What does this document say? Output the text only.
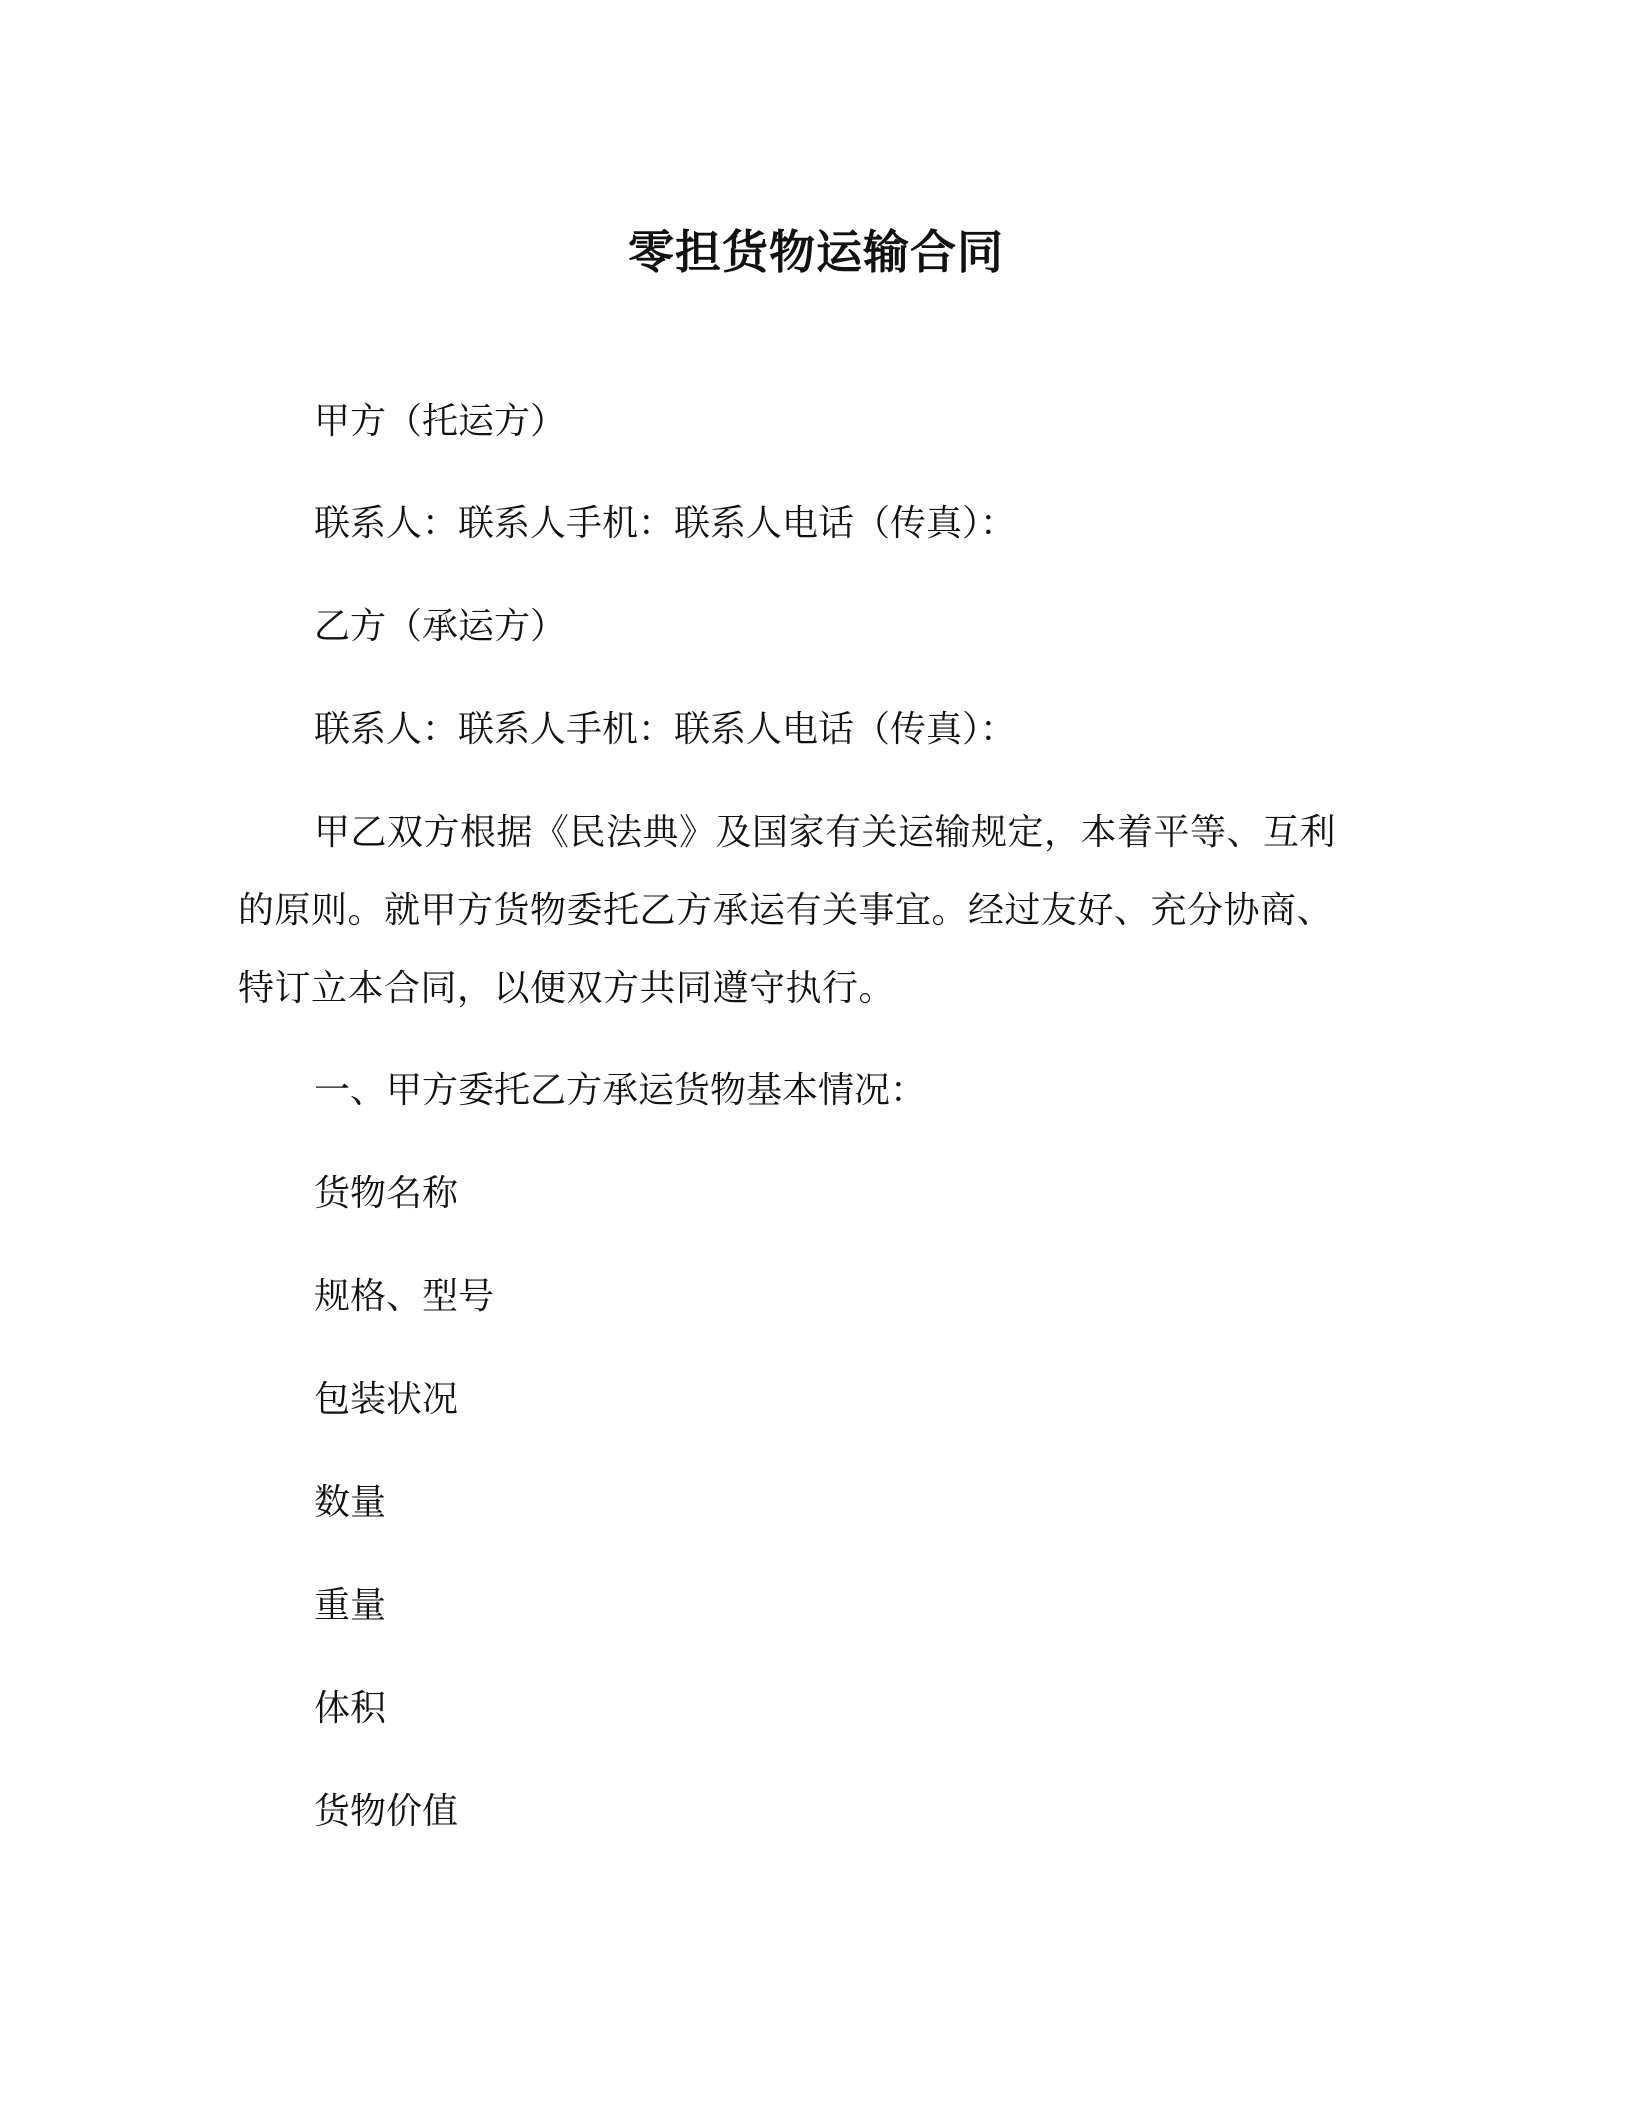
零担货物运输合同
甲方（托运方）
联系人：联系人手机：联系人电话（传真）：
乙方（承运方）
联系人：联系人手机：联系人电话（传真）：
甲乙双方根据《民法典》及国家有关运输规定，本着平等、互利的原则。就甲方货物委托乙方承运有关事宜。经过友好、充分协商、特订立本合同，以便双方共同遵守执行。
一、甲方委托乙方承运货物基本情况：
货物名称
规格、型号
包装状况
数量
重量
体积
货物价值
